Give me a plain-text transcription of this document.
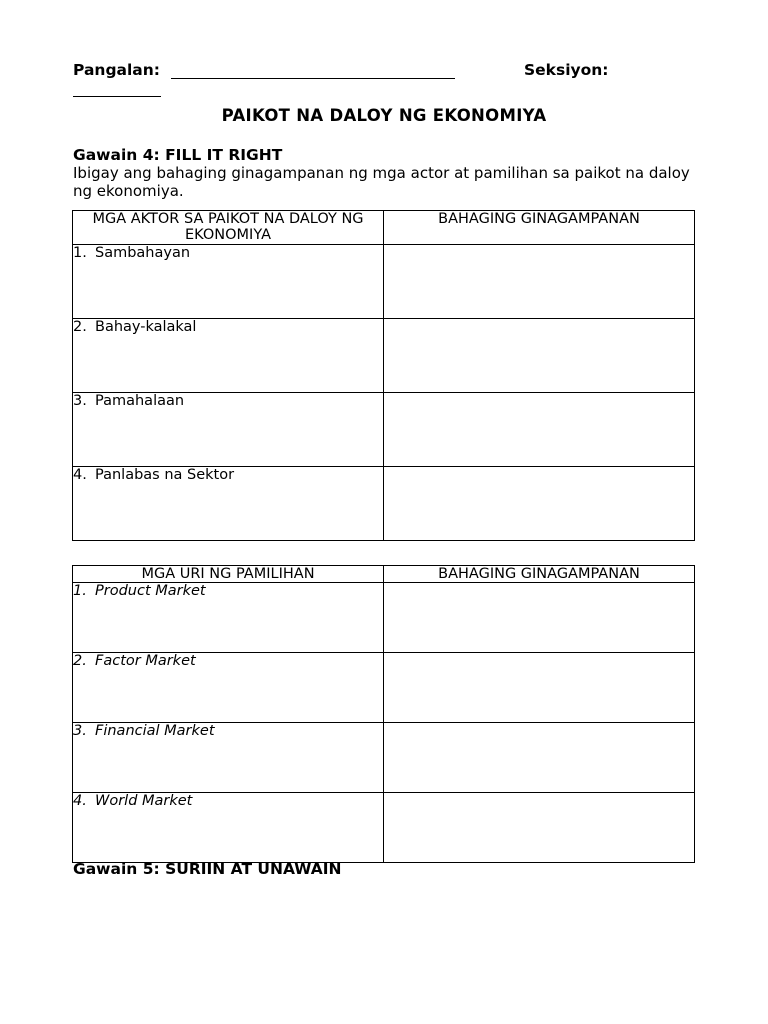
Pangalan:	Seksiyon:
PAIKOT NA DALOY NG EKONOMIYA
Gawain 4: FILL IT RIGHT
Ibigay ang bahaging ginagampanan ng mga actor at pamilihan sa paikot na daloy ng ekonomiya.
MGA AKTOR SA PAIKOT NA DALOY NG EKONOMIYA	BAHAGING GINAGAMPANAN
1. Sambahayan	
2. Bahay-kalakal	
3. Pamahalaan	
4. Panlabas na Sektor	
MGA URI NG PAMILIHAN	BAHAGING GINAGAMPANAN
1. Product Market	
2. Factor Market	
3. Financial Market	
4. World Market	
Gawain 5: SURIIN AT UNAWAIN
